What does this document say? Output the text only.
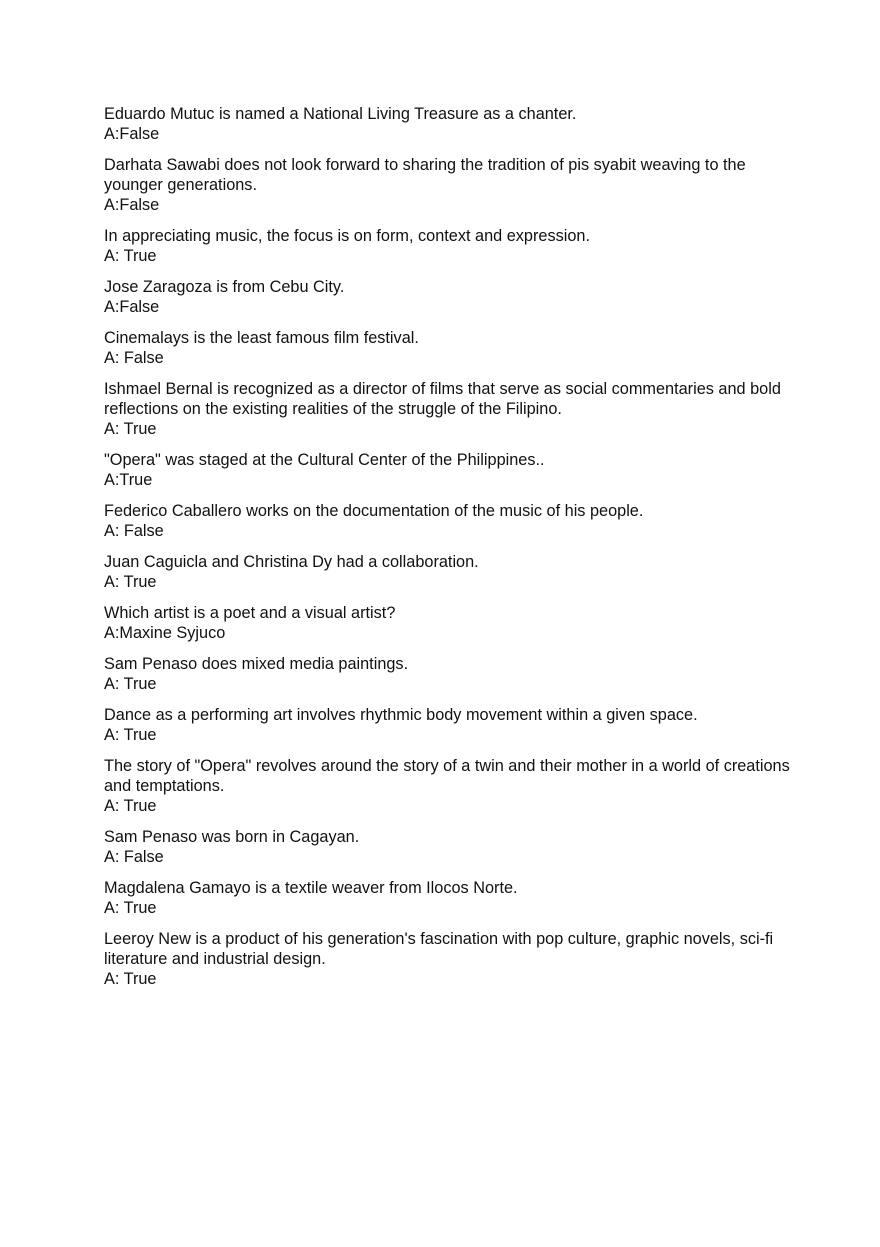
Eduardo Mutuc is named a National Living Treasure as a chanter.
A:False
Darhata Sawabi does not look forward to sharing the tradition of pis syabit weaving to the younger generations.
A:False
In appreciating music, the focus is on form, context and expression.
A: True
Jose Zaragoza is from Cebu City.
A:False
Cinemalays is the least famous film festival.
A: False
Ishmael Bernal is recognized as a director of films that serve as social commentaries and bold reflections on the existing realities of the struggle of the Filipino.
A: True
"Opera" was staged at the Cultural Center of the Philippines..
A:True
Federico Caballero works on the documentation of the music of his people.
A: False
Juan Caguicla and Christina Dy had a collaboration.
A: True
Which artist is a poet and a visual artist?
A:Maxine Syjuco
Sam Penaso does mixed media paintings.
A: True
Dance as a performing art involves rhythmic body movement within a given space.
A: True
The story of "Opera" revolves around the story of a twin and their mother in a world of creations and temptations.
A: True
Sam Penaso was born in Cagayan.
A: False
Magdalena Gamayo is a textile weaver from Ilocos Norte.
A: True
Leeroy New is a product of his generation's fascination with pop culture, graphic novels, sci-fi literature and industrial design.
A: True
